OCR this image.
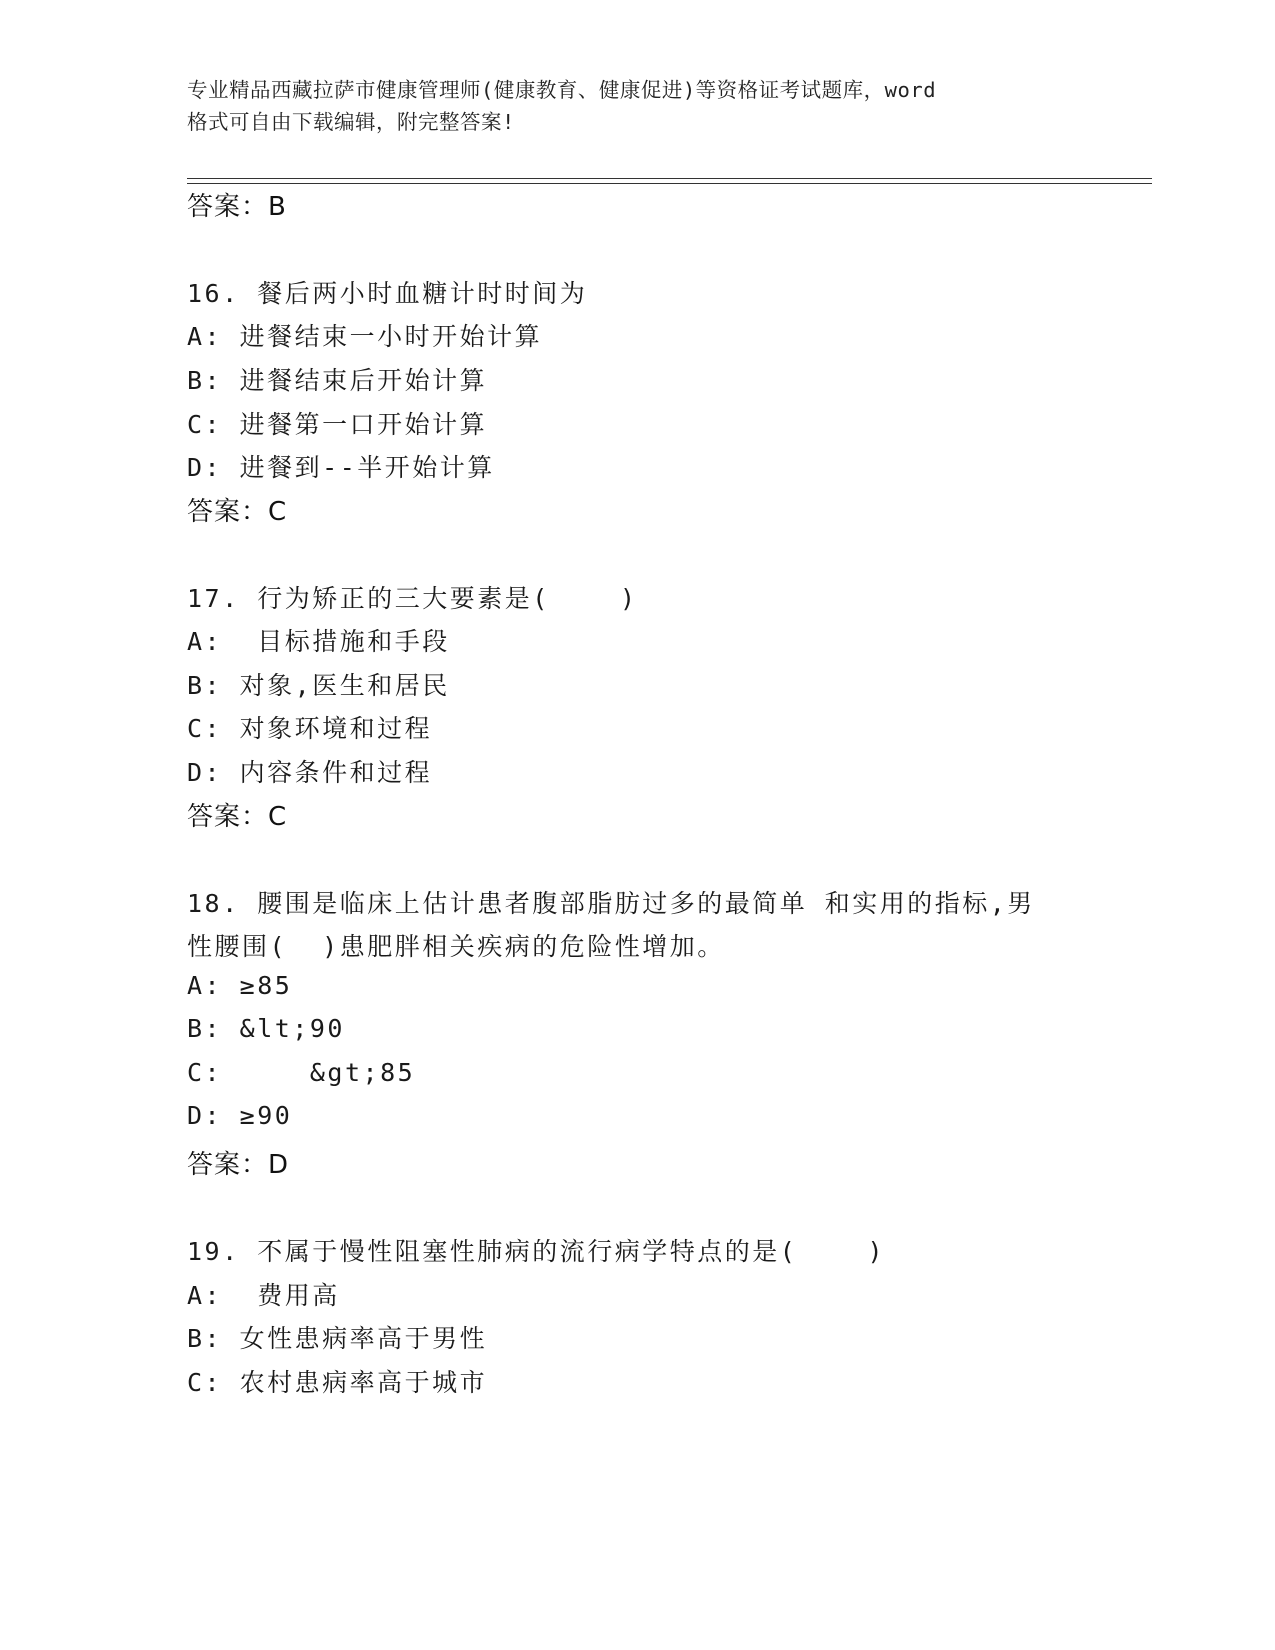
专业精品西藏拉萨市健康管理师(健康教育、健康促进)等资格证考试题库，word
格式可自由下载编辑，附完整答案!
答案：B
16. 餐后两小时血糖计时时间为
A: 进餐结束一小时开始计算
B: 进餐结束后开始计算
C: 进餐第一口开始计算
D: 进餐到--半开始计算
答案：C
17. 行为矫正的三大要素是(    )
A:  目标措施和手段
B: 对象,医生和居民
C: 对象环境和过程
D: 内容条件和过程
答案：C
18. 腰围是临床上估计患者腹部脂肪过多的最简单 和实用的指标,男
性腰围(  )患肥胖相关疾病的危险性增加。
A: ≥85
B: &lt;90
C:     &gt;85
D: ≥90
答案：D
19. 不属于慢性阻塞性肺病的流行病学特点的是(    )
A:  费用高
B: 女性患病率高于男性
C: 农村患病率高于城市
